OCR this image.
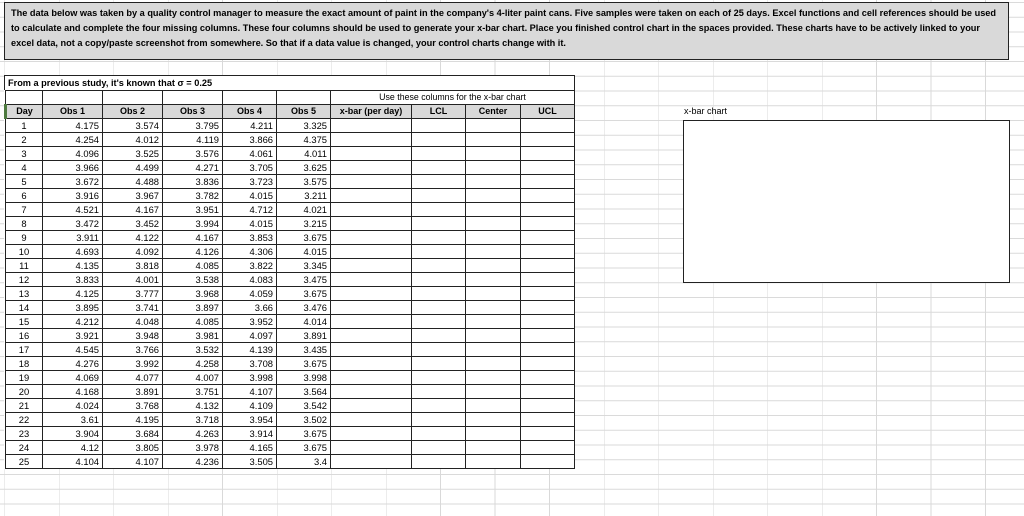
The data below was taken by a quality control manager to measure the exact amount of paint in the company's 4-liter paint cans. Five samples were taken on each of 25 days. Excel functions and cell references should be used to calculate and complete the four missing columns. These four columns should be used to generate your x-bar chart. Place you finished control chart in the spaces provided. These charts have to be actively linked to your excel data, not a copy/paste screenshot from somewhere. So that if a data value is changed, your control charts change with it.
From a previous study, it's known that σ = 0.25
						Use these columns for the x-bar chart			
Day	Obs 1	Obs 2	Obs 3	Obs 4	Obs 5	x-bar (per day)	LCL	Center	UCL
1	4.175	3.574	3.795	4.211	3.325				
2	4.254	4.012	4.119	3.866	4.375				
3	4.096	3.525	3.576	4.061	4.011				
4	3.966	4.499	4.271	3.705	3.625				
5	3.672	4.488	3.836	3.723	3.575				
6	3.916	3.967	3.782	4.015	3.211				
7	4.521	4.167	3.951	4.712	4.021				
8	3.472	3.452	3.994	4.015	3.215				
9	3.911	4.122	4.167	3.853	3.675				
10	4.693	4.092	4.126	4.306	4.015				
11	4.135	3.818	4.085	3.822	3.345				
12	3.833	4.001	3.538	4.083	3.475				
13	4.125	3.777	3.968	4.059	3.675				
14	3.895	3.741	3.897	3.66	3.476				
15	4.212	4.048	4.085	3.952	4.014				
16	3.921	3.948	3.981	4.097	3.891				
17	4.545	3.766	3.532	4.139	3.435				
18	4.276	3.992	4.258	3.708	3.675				
19	4.069	4.077	4.007	3.998	3.998				
20	4.168	3.891	3.751	4.107	3.564				
21	4.024	3.768	4.132	4.109	3.542				
22	3.61	4.195	3.718	3.954	3.502				
23	3.904	3.684	4.263	3.914	3.675				
24	4.12	3.805	3.978	4.165	3.675				
25	4.104	4.107	4.236	3.505	3.4				
x-bar chart
